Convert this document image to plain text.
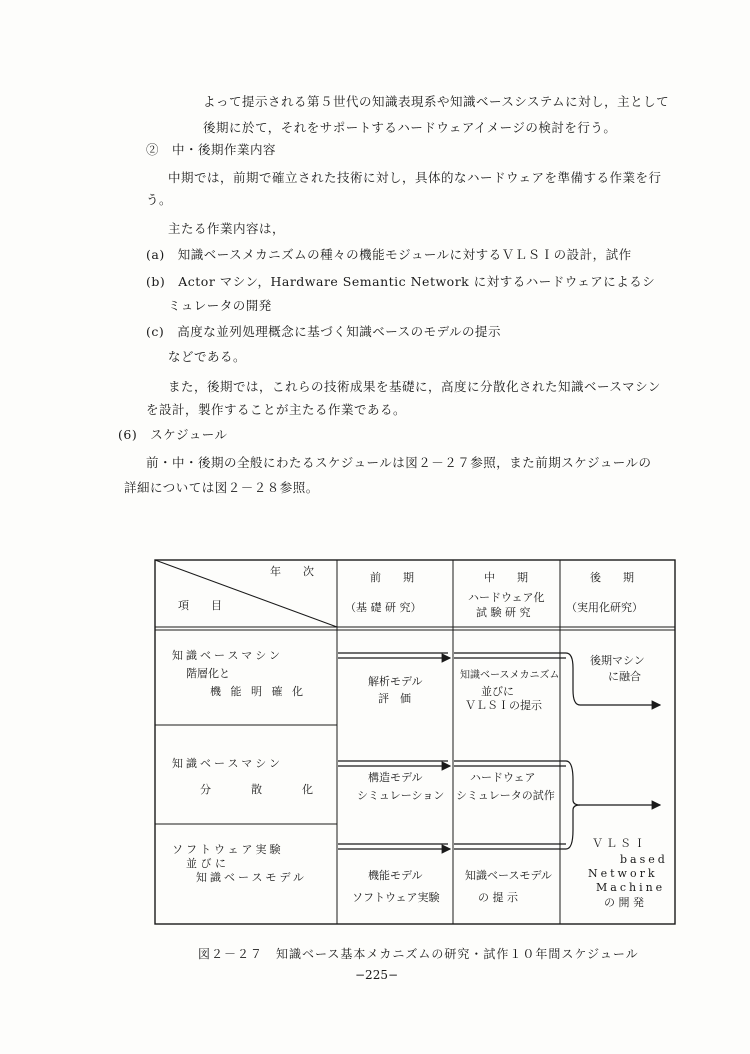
よって提示される第５世代の知識表現系や知識ベースシステムに対し，主として
後期に於て，それをサポートするハードウェアイメージの検討を行う。
②　中・後期作業内容
中期では，前期で確立された技術に対し，具体的なハードウェアを準備する作業を行
う。
主たる作業内容は，
(a)　知識ベースメカニズムの種々の機能モジュールに対するＶＬＳＩの設計，試作
(b)　Actor マシン，Hardware Semantic Network に対するハードウェアによるシ
ミュレータの開発
(c)　高度な並列処理概念に基づく知識ベースのモデルの提示
などである。
また，後期では，これらの技術成果を基礎に，高度に分散化された知識ベースマシン
を設計，製作することが主たる作業である。
(6)　スケジュール
前・中・後期の全般にわたるスケジュールは図２－２７参照，また前期スケジュールの
詳細については図２－２８参照。
年　　次
項　　目
前　　期
（基 礎 研 究）
中　　期
ハードウェア化
試 験 研 究
後　　期
（実用化研究）
知識ベースマシン
階層化と
機 能 明 確 化
解析モデル
評　価
知識ベースメカニズム
並びに
ＶＬＳＩの提示
後期マシン
に融合
知識ベースマシン
分　　散　　化
構造モデル
シミュレーション
ハードウェア
シミュレータの試作
ソフトウェア実験
並 び に
知識ベースモデル	機能モデル
ソフトウェア実験
知識ベースモデル
の 提 示
ＶＬＳＩ
based
Network
Machine
の 開 発
図２－２７　知識ベース基本メカニズムの研究・試作１０年間スケジュール
−225−
